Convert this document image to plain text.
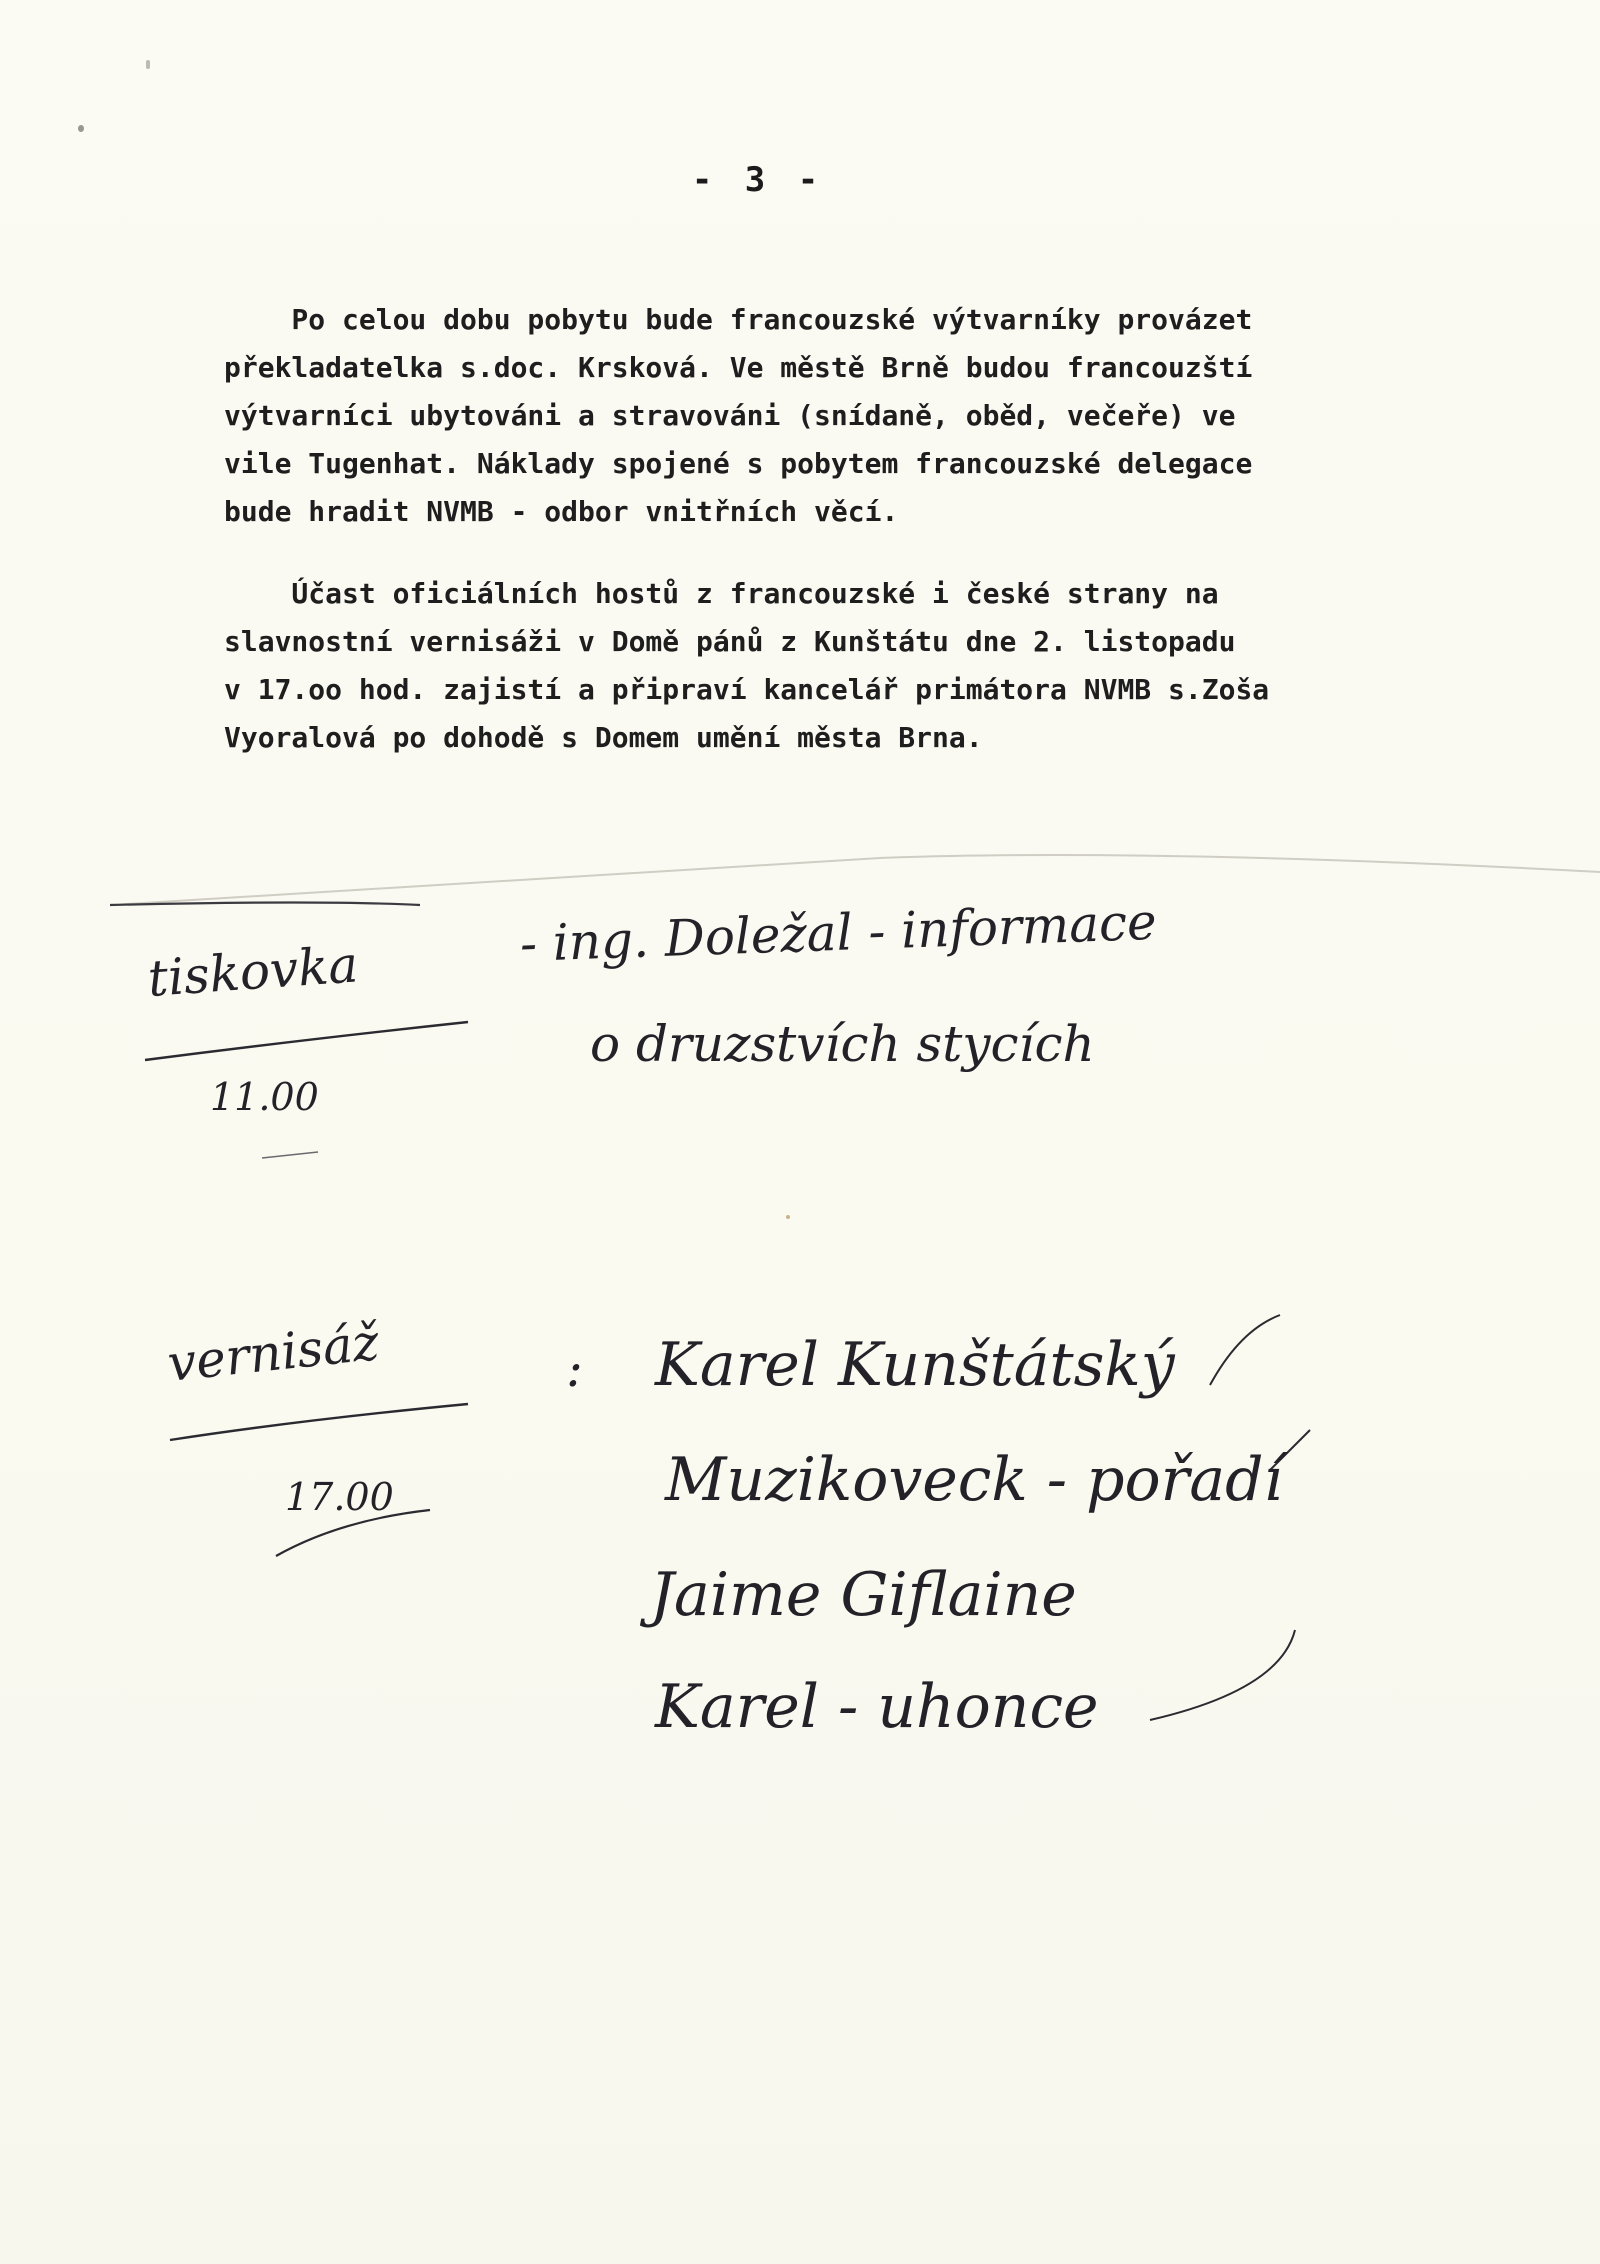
- 3 -
Po celou dobu pobytu bude francouzské výtvarníky provázet
překladatelka s.doc. Krsková. Ve městě Brně budou francouzští
výtvarníci ubytováni a stravováni (snídaně, oběd, večeře) ve
vile Tugenhat. Náklady spojené s pobytem francouzské delegace
bude hradit NVMB - odbor vnitřních věcí.
Účast oficiálních hostů z francouzské i české strany na
slavnostní vernisáži v Domě pánů z Kunštátu dne 2. listopadu
v 17.oo hod. zajistí a připraví kancelář primátora NVMB s.Zoša
Vyoralová po dohodě s Domem umění města Brna.
tiskovka
11.00
- ing. Doležal - informace
o druzstvích stycích
vernisáž
17.00
: Karel Kunštátský
Muzikoveck - pořadí
Jaime Giflaine
Karel - uhonce
